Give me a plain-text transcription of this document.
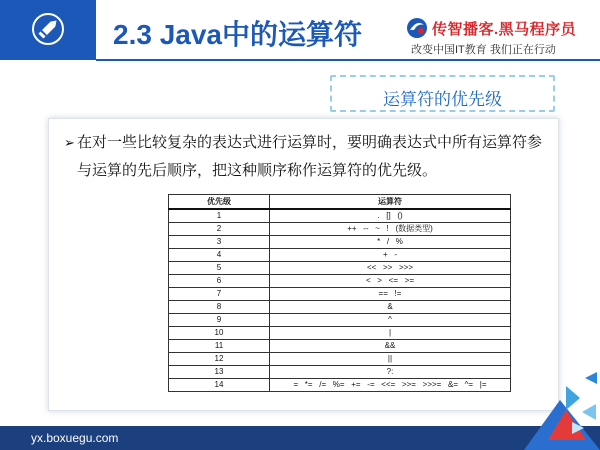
2.3 Java中的运算符	传智播客.黑马程序员
改变中国IT教育 我们正在行动
运算符的优先级
➢ 在对一些比较复杂的表达式进行运算时，要明确表达式中所有运算符参与运算的先后顺序，把这种顺序称作运算符的优先级。
优先级	运算符
1	.   []   ()
2	++   --   ~   !   (数据类型)
3	*   /   %
4	+   -
5	<<   >>   >>>
6	<   >   <=   >=
7	==   !=
8	&
9	^
10	|
11	&&
12	||
13	?:
14	=   *=   /=   %=   +=   -=   <<=   >>=   >>>=   &=   ^=   |=
yx.boxuegu.com
